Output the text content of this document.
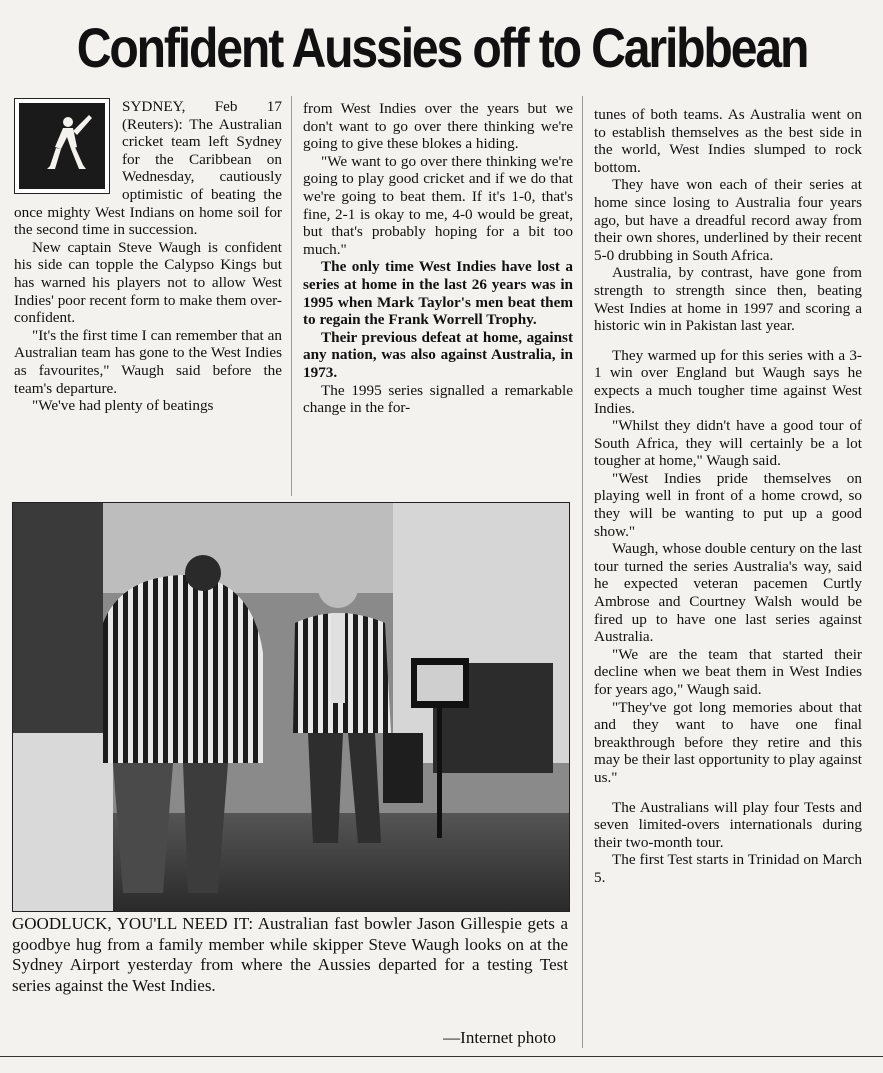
Confident Aussies off to Caribbean

SYDNEY, Feb 17 (Reuters): The Australian cricket team left Sydney for the Caribbean on Wednesday, cautiously optimistic of beating the once mighty West Indians on home soil for the second time in succession.

New captain Steve Waugh is confident his side can topple the Calypso Kings but has warned his players not to allow West Indies' poor recent form to make them over-confident.

"It's the first time I can remember that an Australian team has gone to the West Indies as favourites," Waugh said before the team's departure.

"We've had plenty of beatings

from West Indies over the years but we don't want to go over there thinking we're going to give these blokes a hiding.

"We want to go over there thinking we're going to play good cricket and if we do that we're going to beat them. If it's 1-0, that's fine, 2-1 is okay to me, 4-0 would be great, but that's probably hoping for a bit too much."

The only time West Indies have lost a series at home in the last 26 years was in 1995 when Mark Taylor's men beat them to regain the Frank Worrell Trophy.

Their previous defeat at home, against any nation, was also against Australia, in 1973.

The 1995 series signalled a remarkable change in the for-

tunes of both teams. As Australia went on to establish themselves as the best side in the world, West Indies slumped to rock bottom.

They have won each of their series at home since losing to Australia four years ago, but have a dreadful record away from their own shores, underlined by their recent 5-0 drubbing in South Africa.

Australia, by contrast, have gone from strength to strength since then, beating West Indies at home in 1997 and scoring a historic win in Pakistan last year.

They warmed up for this series with a 3-1 win over England but Waugh says he expects a much tougher time against West Indies.

"Whilst they didn't have a good tour of South Africa, they will certainly be a lot tougher at home," Waugh said.

"West Indies pride themselves on playing well in front of a home crowd, so they will be wanting to put up a good show."

Waugh, whose double century on the last tour turned the series Australia's way, said he expected veteran pacemen Curtly Ambrose and Courtney Walsh would be fired up to have one last series against Australia.

"We are the team that started their decline when we beat them in West Indies for years ago," Waugh said.

"They've got long memories about that and they want to have one final breakthrough before they retire and this may be their last opportunity to play against us."

The Australians will play four Tests and seven limited-overs internationals during their two-month tour.

The first Test starts in Trinidad on March 5.

GOODLUCK, YOU'LL NEED IT: Australian fast bowler Jason Gillespie gets a goodbye hug from a family member while skipper Steve Waugh looks on at the Sydney Airport yesterday from where the Aussies departed for a testing Test series against the West Indies.

—Internet photo
